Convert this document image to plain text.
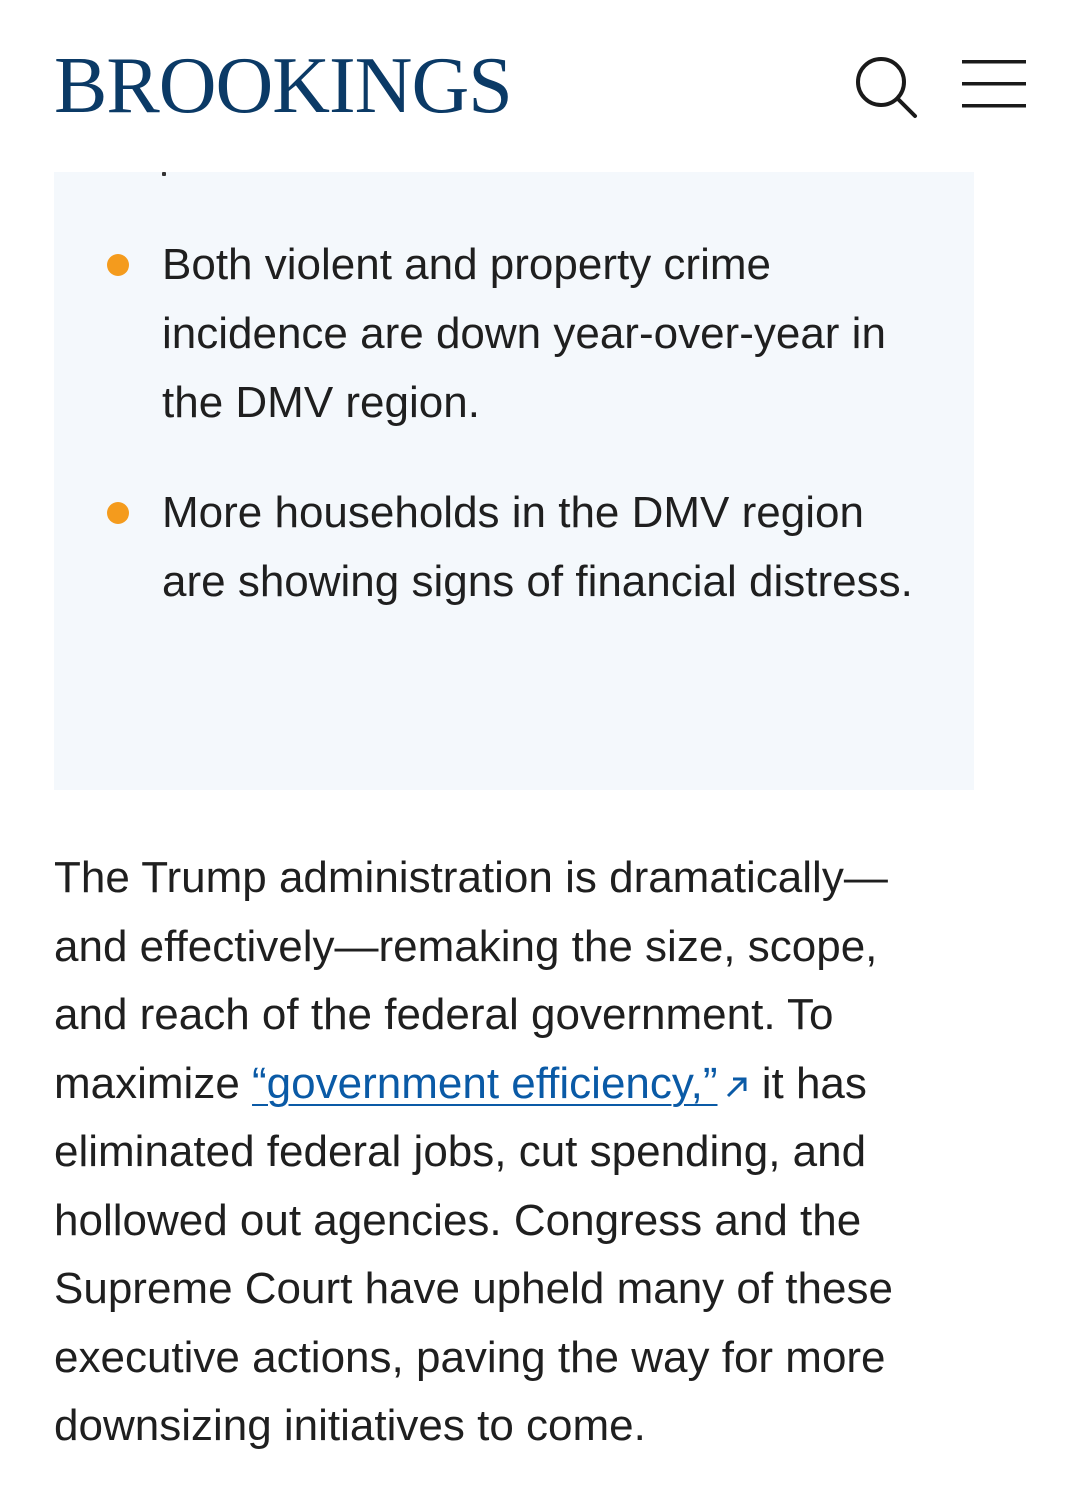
BROOKINGS
Both violent and property crime incidence are down year-over-year in the DMV region.
More households in the DMV region are showing signs of financial distress.

The Trump administration is dramatically—and effectively—remaking the size, scope, and reach of the federal government. To maximize “government efficiency,” it has eliminated federal jobs, cut spending, and hollowed out agencies. Congress and the Supreme Court have upheld many of these executive actions, paving the way for more downsizing initiatives to come.
